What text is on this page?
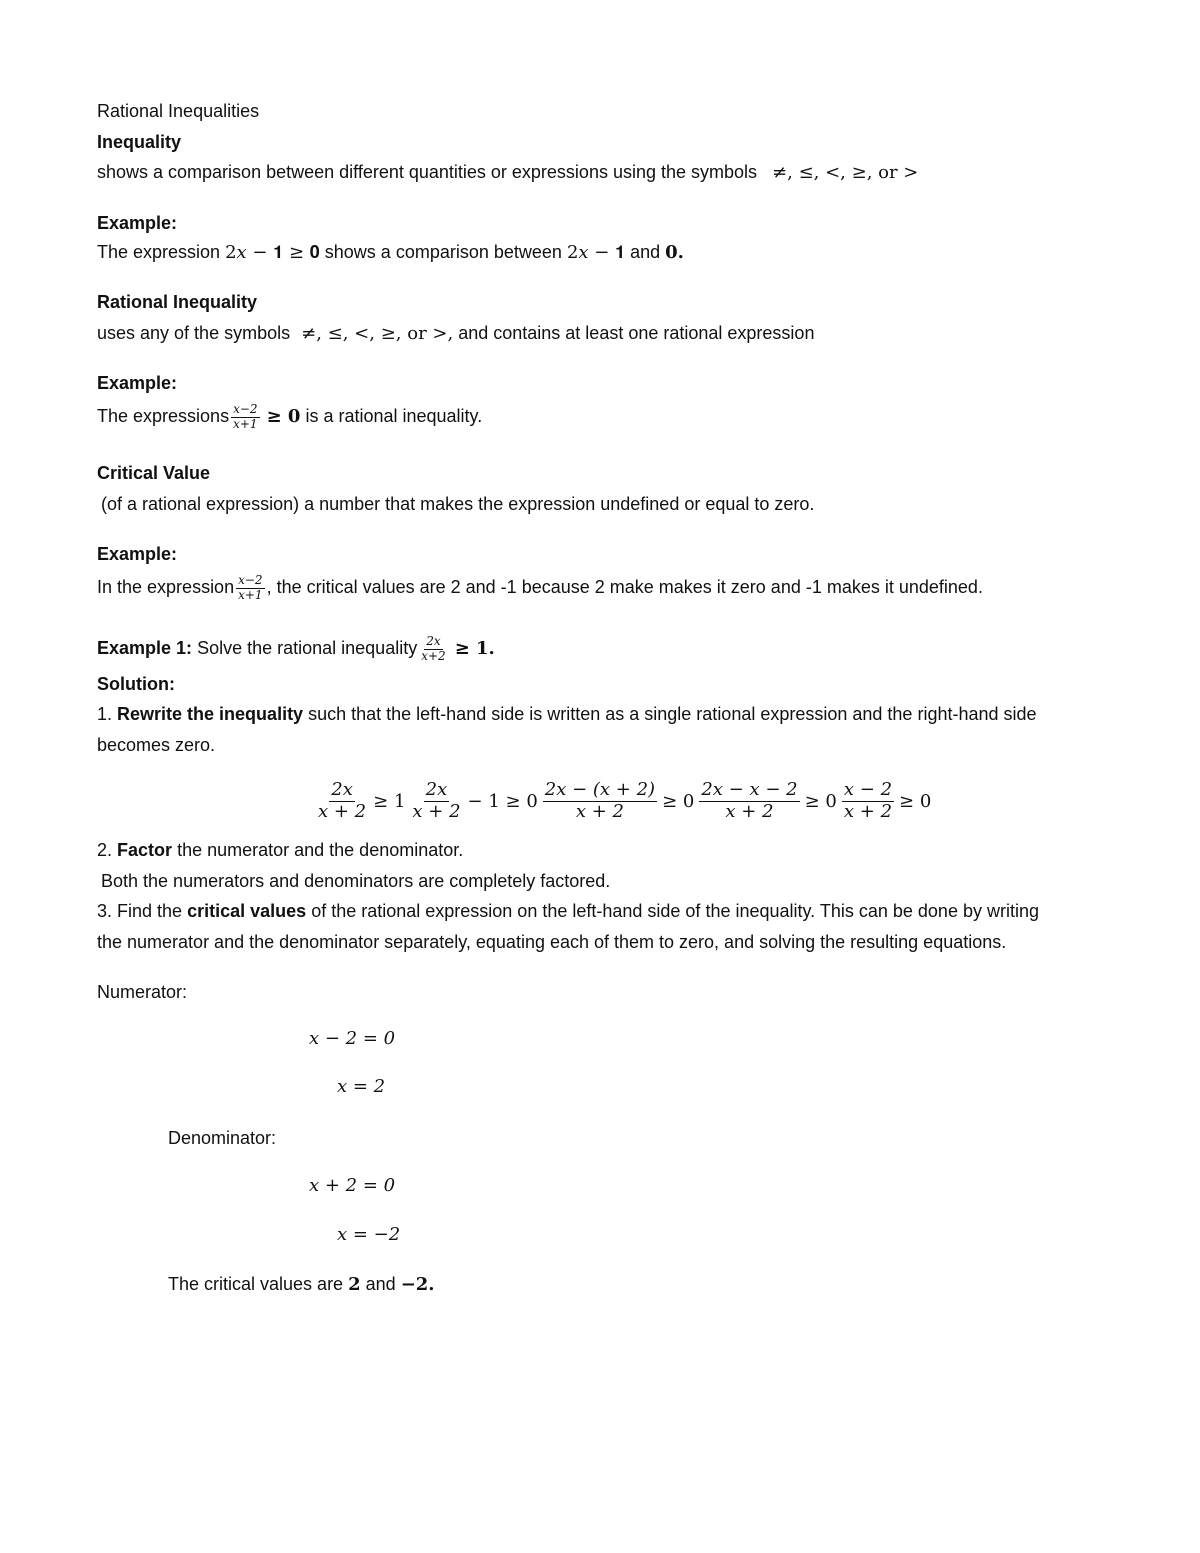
Rational Inequalities
Inequality
shows a comparison between different quantities or expressions using the symbols ≠, ≤, <, ≥, or >
Example:
The expression 2𝑥 − 𝟏 ≥ 𝟎 shows a comparison between 2𝑥 − 𝟏 and 𝟎.
Rational Inequality
uses any of the symbols ≠, ≤, <, ≥, or >, and contains at least one rational expression
Example:
The expressions $\frac{\text{𝑥−2}}{\text{𝑥+1}}$ ≥ 𝟎 is a rational inequality.
Critical Value
(of a rational expression) a number that makes the expression undefined or equal to zero.
Example:
In the expression $\frac{\text{𝑥−2}}{\text{𝑥+1}}$ , the critical values are 2 and -1 because 2 make makes it zero and -1 makes it undefined.
Example 1: Solve the rational inequality $\frac{\text{2𝑥}}{\text{𝑥+2}}$ ≥ 𝟏.
Solution:
1. Rewrite the inequality such that the left-hand side is written as a single rational expression and the right-hand side
becomes zero.
$\frac{\text{2𝑥}}{\text{𝑥 + 2}} \ge 1 \frac{\text{2𝑥}}{\text{𝑥 + 2}} - 1 \ge 0 \frac{\text{2𝑥 − (𝑥 + 2)}}{\text{𝑥 + 2}} \ge 0 \frac{\text{2𝑥 − 𝑥 − 2}}{\text{𝑥 + 2}} \ge 0 \frac{\text{𝑥 − 2}}{\text{𝑥 + 2}} \ge 0$
2. Factor the numerator and the denominator.
Both the numerators and denominators are completely factored.
3. Find the critical values of the rational expression on the left-hand side of the inequality. This can be done by writing
the numerator and the denominator separately, equating each of them to zero, and solving the resulting equations.
Numerator:
𝑥 − 2 = 0
𝑥 = 2
Denominator:
𝑥 + 2 = 0
𝑥 = −2
The critical values are 𝟐 and −𝟐.
